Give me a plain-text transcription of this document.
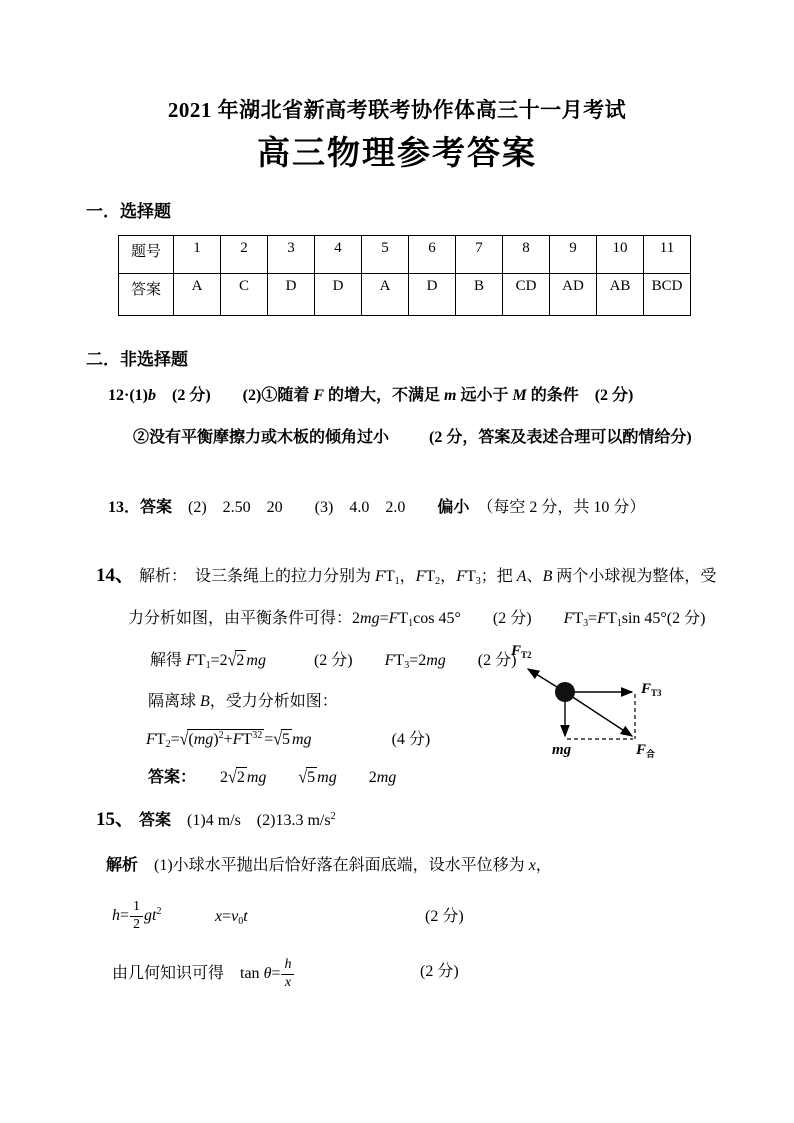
2021 年湖北省新高考联考协作体高三十一月考试
高三物理参考答案
一．选择题
题号	1	2	3	4	5	6	7	8	9	10	11
答案	A	C	D	D	A	D	B	CD	AD	AB	BCD
二．非选择题
12·(1)b　(2 分)　　(2)①随着 F 的增大，不满足 m 远小于 M 的条件　(2 分)
②没有平衡摩擦力或木板的倾角过小 (2 分，答案及表述合理可以酌情给分)
13．答案　(2)　2.50　20　　(3)　4.0　2.0　　偏小　（每空 2 分，共 10 分）
14、 解析：　设三条绳上的拉力分别为 $FT_1$，$FT_2$，$FT_3$；把 A、B 两个小球视为整体，受
力分析如图，由平衡条件可得：$2mg=FT_1\cos$ 45°　　(2 分)　　$FT_3=FT_1\sin$ 45°(2 分)
解得 $FT_1=2√2$ mg　　　(2 分)　　$FT_3=2mg$　　(2 分)
隔离球 B，受力分析如图：
$FT_2=√(mg)^2+FT^{32} =√5$ mg　　　　　(4 分)
答案：　　2√2 mg　　 √5 mg　　2mg
$F_{T2}$
$F_{T3}$
mg	$F_合$
15、 答案　(1)4 m/s　(2)13.3 $m/s^2$
解析　(1)小球水平抛出后恰好落在斜面底端，设水平位移为 x，
$h= \frac{1}{2} gt^2$	$x=v_0t$	(2 分)
由几何知识可得　$\tan \theta= \frac{h}{x}$	(2 分)
